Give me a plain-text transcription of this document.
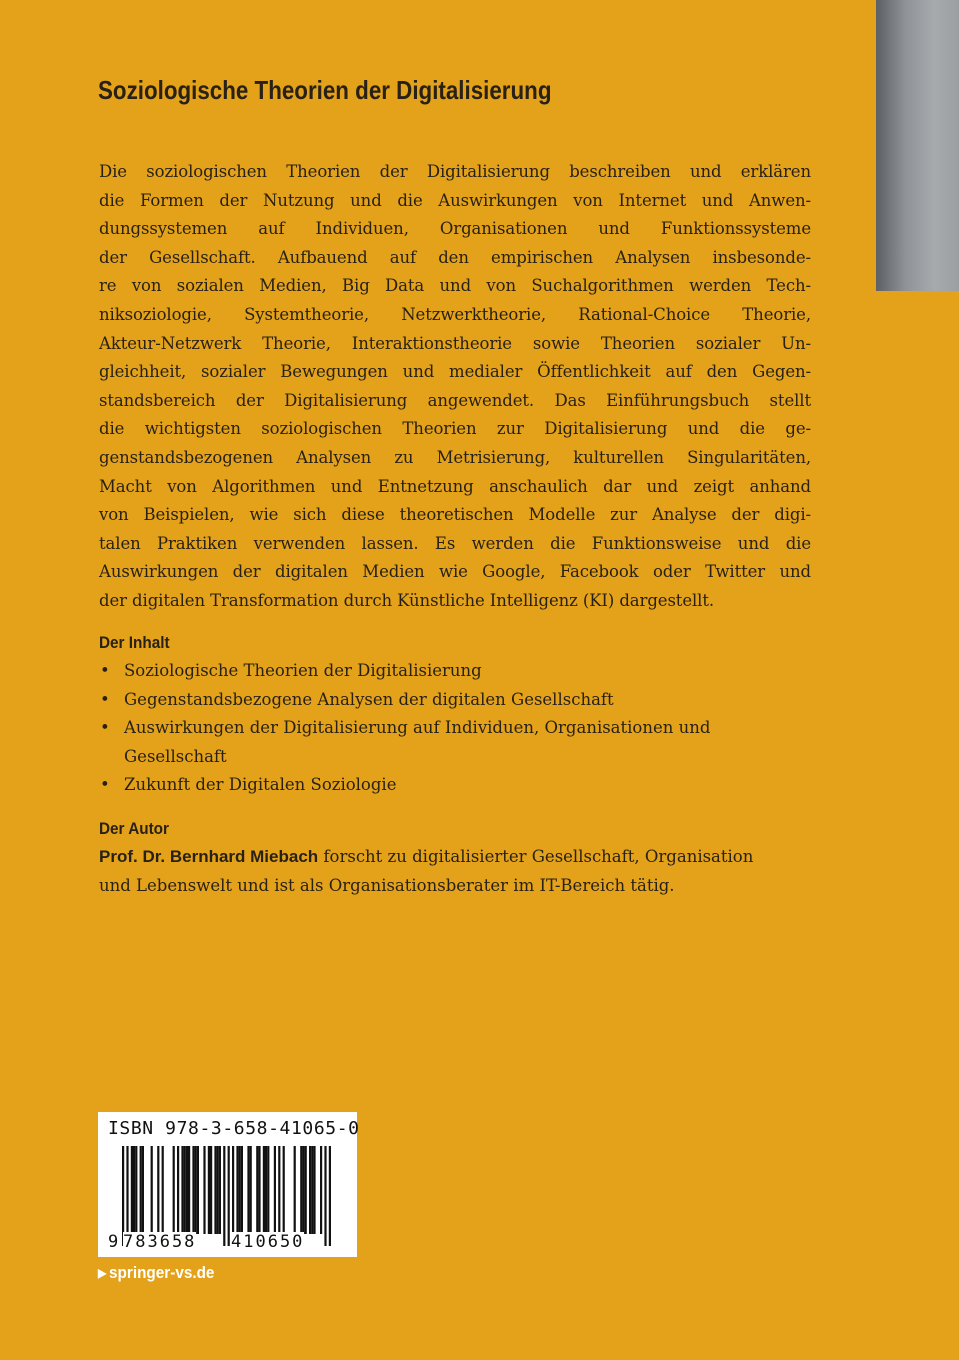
Soziologische Theorien der Digitalisierung
Die soziologischen Theorien der Digitalisierung beschreiben und erklären
die Formen der Nutzung und die Auswirkungen von Internet und Anwen-
dungssystemen auf Individuen, Organisationen und Funktionssysteme
der Gesellschaft. Aufbauend auf den empirischen Analysen insbesonde-
re von sozialen Medien, Big Data und von Suchalgorithmen werden Tech-
niksoziologie, Systemtheorie, Netzwerktheorie, Rational-Choice Theorie,
Akteur-Netzwerk Theorie, Interaktionstheorie sowie Theorien sozialer Un-
gleichheit, sozialer Bewegungen und medialer Öffentlichkeit auf den Gegen-
standsbereich der Digitalisierung angewendet. Das Einführungsbuch stellt
die wichtigsten soziologischen Theorien zur Digitalisierung und die ge-
genstandsbezogenen Analysen zu Metrisierung, kulturellen Singularitäten,
Macht von Algorithmen und Entnetzung anschaulich dar und zeigt anhand
von Beispielen, wie sich diese theoretischen Modelle zur Analyse der digi-
talen Praktiken verwenden lassen. Es werden die Funktionsweise und die
Auswirkungen der digitalen Medien wie Google, Facebook oder Twitter und
der digitalen Transformation durch Künstliche Intelligenz (KI) dargestellt.
Der Inhalt
• Soziologische Theorien der Digitalisierung
• Gegenstandsbezogene Analysen der digitalen Gesellschaft
• Auswirkungen der Digitalisierung auf Individuen, Organisationen und
Gesellschaft
• Zukunft der Digitalen Soziologie
Der Autor
Prof. Dr. Bernhard Miebach forscht zu digitalisierter Gesellschaft, Organisation
und Lebenswelt und ist als Organisationsberater im IT-Bereich tätig.
ISBN 978-3-658-41065-0
9 783658 410650
▶ springer-vs.de
